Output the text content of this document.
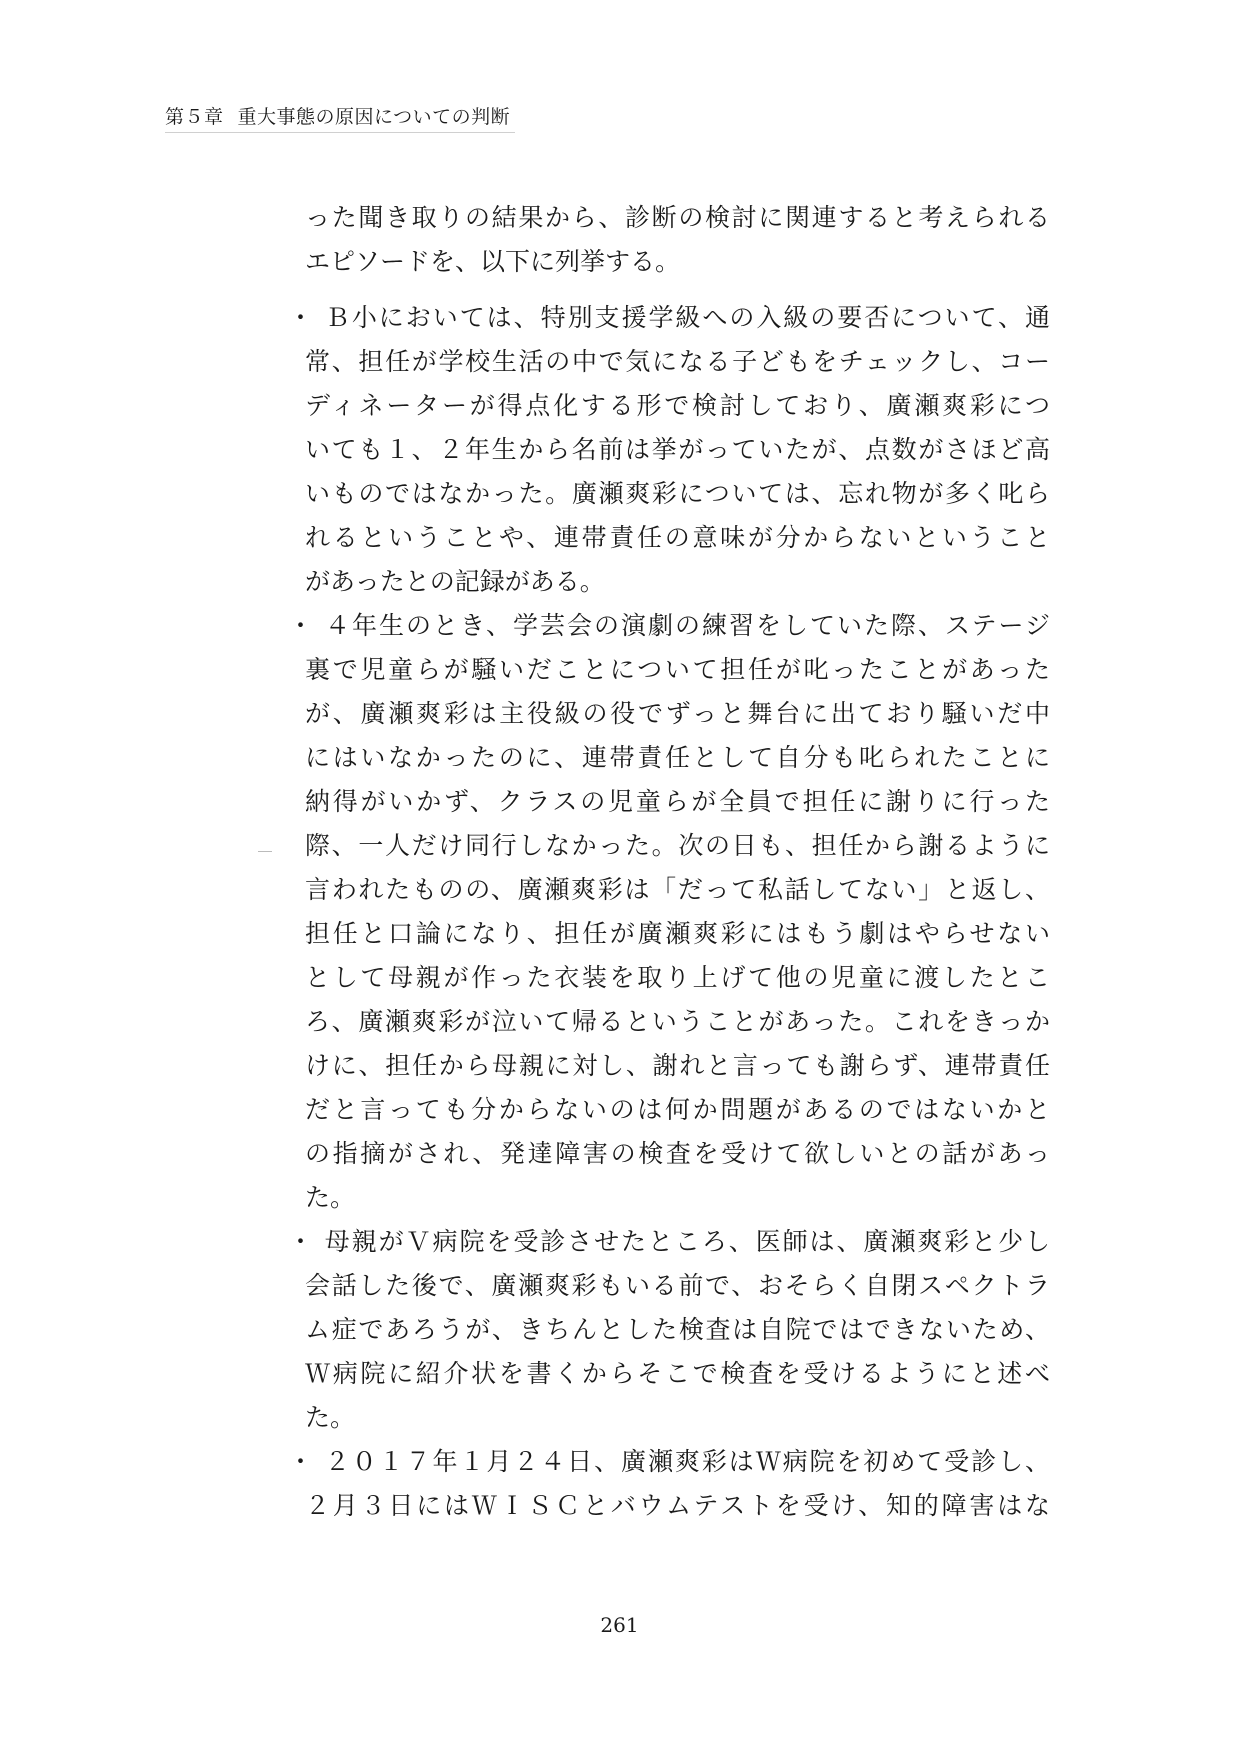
第５章 重大事態の原因についての判断
った聞き取りの結果から、診断の検討に関連すると考えられる
エピソードを、以下に列挙する。
・ Ｂ小においては、特別支援学級への入級の要否について、通
常、担任が学校生活の中で気になる子どもをチェックし、コー
ディネーターが得点化する形で検討しており、廣瀬爽彩につ
いても１、２年生から名前は挙がっていたが、点数がさほど高
いものではなかった。廣瀬爽彩については、忘れ物が多く叱ら
れるということや、連帯責任の意味が分からないということ
があったとの記録がある。
・ ４年生のとき、学芸会の演劇の練習をしていた際、ステージ
裏で児童らが騒いだことについて担任が叱ったことがあった
が、廣瀬爽彩は主役級の役でずっと舞台に出ており騒いだ中
にはいなかったのに、連帯責任として自分も叱られたことに
納得がいかず、クラスの児童らが全員で担任に謝りに行った
際、一人だけ同行しなかった。次の日も、担任から謝るように
言われたものの、廣瀬爽彩は「だって私話してない」と返し、
担任と口論になり、担任が廣瀬爽彩にはもう劇はやらせない
として母親が作った衣装を取り上げて他の児童に渡したとこ
ろ、廣瀬爽彩が泣いて帰るということがあった。これをきっか
けに、担任から母親に対し、謝れと言っても謝らず、連帯責任
だと言っても分からないのは何か問題があるのではないかと
の指摘がされ、発達障害の検査を受けて欲しいとの話があっ
た。
・ 母親がＶ病院を受診させたところ、医師は、廣瀬爽彩と少し
会話した後で、廣瀬爽彩もいる前で、おそらく自閉スペクトラ
ム症であろうが、きちんとした検査は自院ではできないため、
Ｗ病院に紹介状を書くからそこで検査を受けるようにと述べ
た。
・ ２０１７年１月２４日、廣瀬爽彩はＷ病院を初めて受診し、
２月３日にはＷＩＳＣとバウムテストを受け、知的障害はな
261
